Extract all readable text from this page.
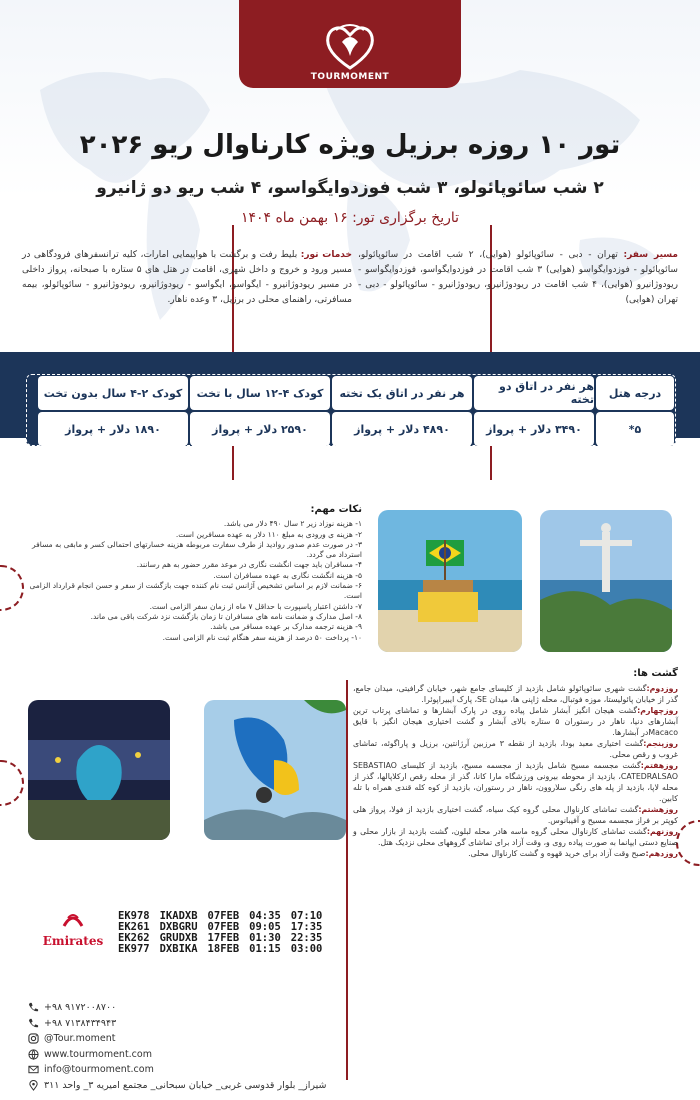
TOURMOMENT
تور ۱۰ روزه برزیل ویژه کارناوال ریو ۲۰۲۶
۲ شب سائوپائولو، ۳ شب فوزدوایگواسو، ۴ شب ریو دو ژانیرو
تاریخ برگزاری تور: ۱۶ بهمن ماه ۱۴۰۴
مسیر سفر: تهران - دبی - سائوپائولو (هوایی)، ۲ شب اقامت در سائوپائولو، سائوپائولو - فوزدوایگواسو (هوایی) ۳ شب اقامت در فوزدوایگواسو، فوزدوایگواسو - ریودوژانیرو (هوایی)، ۴ شب اقامت در ریودوژانیرو، ریودوژانیرو - سائوپائولو - دبی - تهران (هوایی)
خدمات تور: بلیط رفت و برگشت با هواپیمایی امارات، کلیه ترانسفرهای فرودگاهی در مسیر ورود و خروج و داخل شهری، اقامت در هتل های ۵ ستاره با صبحانه، پرواز داخلی در مسیر ریودوژانیرو - ایگواسو، ایگواسو - ریودوژانیرو، ریودوژانیرو - سائوپائولو، بیمه مسافرتی، راهنمای محلی در برزیل، ۳ وعده ناهار.
درجه هتل
هر نفر در اتاق دو تخته
هر نفر در اتاق یک تخته
کودک ۴-۱۲ سال با تخت
کودک ۲-۴ سال بدون تخت
۵*
۳۴۹۰ دلار + پرواز
۴۸۹۰ دلار + پرواز
۲۵۹۰ دلار + پرواز
۱۸۹۰ دلار + پرواز
نکات مهم:
۱- هزینه نوزاد زیر ۲ سال ۴۹۰ دلار می باشد.
۲- هزینه ی ورودی به مبلغ ۱۱۰ دلار به عهده مسافرین است.
۳- در صورت عدم صدور روادید از طرف سفارت مربوطه هزینه خسارتهای احتمالی کسر و مابقی به مسافر استرداد می گردد.
۴- مسافران باید جهت انگشت نگاری در موعد مقرر حضور به هم رسانند.
۵- هزینه انگشت نگاری به عهده مسافران است.
۶- ضمانت لازم بر اساس تشخیص آژانس ثبت نام کننده جهت بازگشت از سفر و حسن انجام قرارداد الزامی است.
۷- داشتن اعتبار پاسپورت با حداقل ۷ ماه از زمان سفر الزامی است.
۸- اصل مدارک و ضمانت نامه های مسافران تا زمان بازگشت نزد شرکت باقی می ماند.
۹- هزینه ترجمه مدارک بر عهده مسافر می باشد.
۱۰- پرداخت ۵۰ درصد از هزینه سفر هنگام ثبت نام الزامی است.
گشت ها:
روزدوم:گشت شهری سائوپائولو شامل بازدید از کلیسای جامع شهر، خیابان گرافیتی، میدان جامع، گذر از خیابان پائولیستا، موزه فوتبال، محله ژاپنی ها، میدان SE، پارک ایبیراپوئرا.
روزچهارم:گشت هیجان انگیز آبشار شامل پیاده روی در پارک آبشارها و تماشای پرتاب ترین آبشارهای دنیا، ناهار در رستوران ۵ ستاره بالای آبشار و گشت اختیاری هیجان انگیز با قایق Macacoدر آبشارها.
روزپنجم:گشت اختیاری معبد بودا، بازدید از نقطه ۳ مرزبین آرژانتین، برزیل و پاراگوئه، تماشای غروب و رقص محلی.
روزهفتم:گشت مجسمه مسیح شامل بازدید از مجسمه مسیح، بازدید از کلیسای SEBASTIAO CATEDRALSAO، بازدید از محوطه بیرونی ورزشگاه مارا کانا، گذر از محله رقص ارکلاپالها، گذر از محله لاپا، بازدید از پله های رنگی سلاروون، ناهار در رستوران، بازدید از کوه کله قندی همراه با تله کابین.
روزهشتم:گشت تماشای کارناوال محلی گروه کیک سیاه، گشت اختیاری بازدید از فولا، پرواز هلی کوپتر بر فراز مجسمه مسیح و آفیبانوس.
روزنهم:گشت تماشای کارناوال محلی گروه ماسه هادر محله لبلون، گشت بازدید از بازار محلی و صنایع دستی ایپانما به صورت پیاده روی و، وقت آزاد برای تماشای گروههای محلی نزدیک هتل.
روزدهم:صبح وقت آزاد برای خرید قهوه و گشت کارناوال محلی.
Emirates
EK978 IKADXB 07FEB 04:35 07:10
EK261 DXBGRU 07FEB 09:05 17:35
EK262 GRUDXB 17FEB 01:30 22:35
EK977 DXBIKA 18FEB 01:15 03:00
+۹۸ ۹۱۷۲۰۰۸۷۰۰
+۹۸ ۷۱۳۸۴۳۴۹۴۳
@Tour.moment
www.tourmoment.com
info@tourmoment.com
شیراز_ بلوار قدوسی غربی_ خیابان سبحانی_ مجتمع امیریه ۳_ واحد ۳۱۱
